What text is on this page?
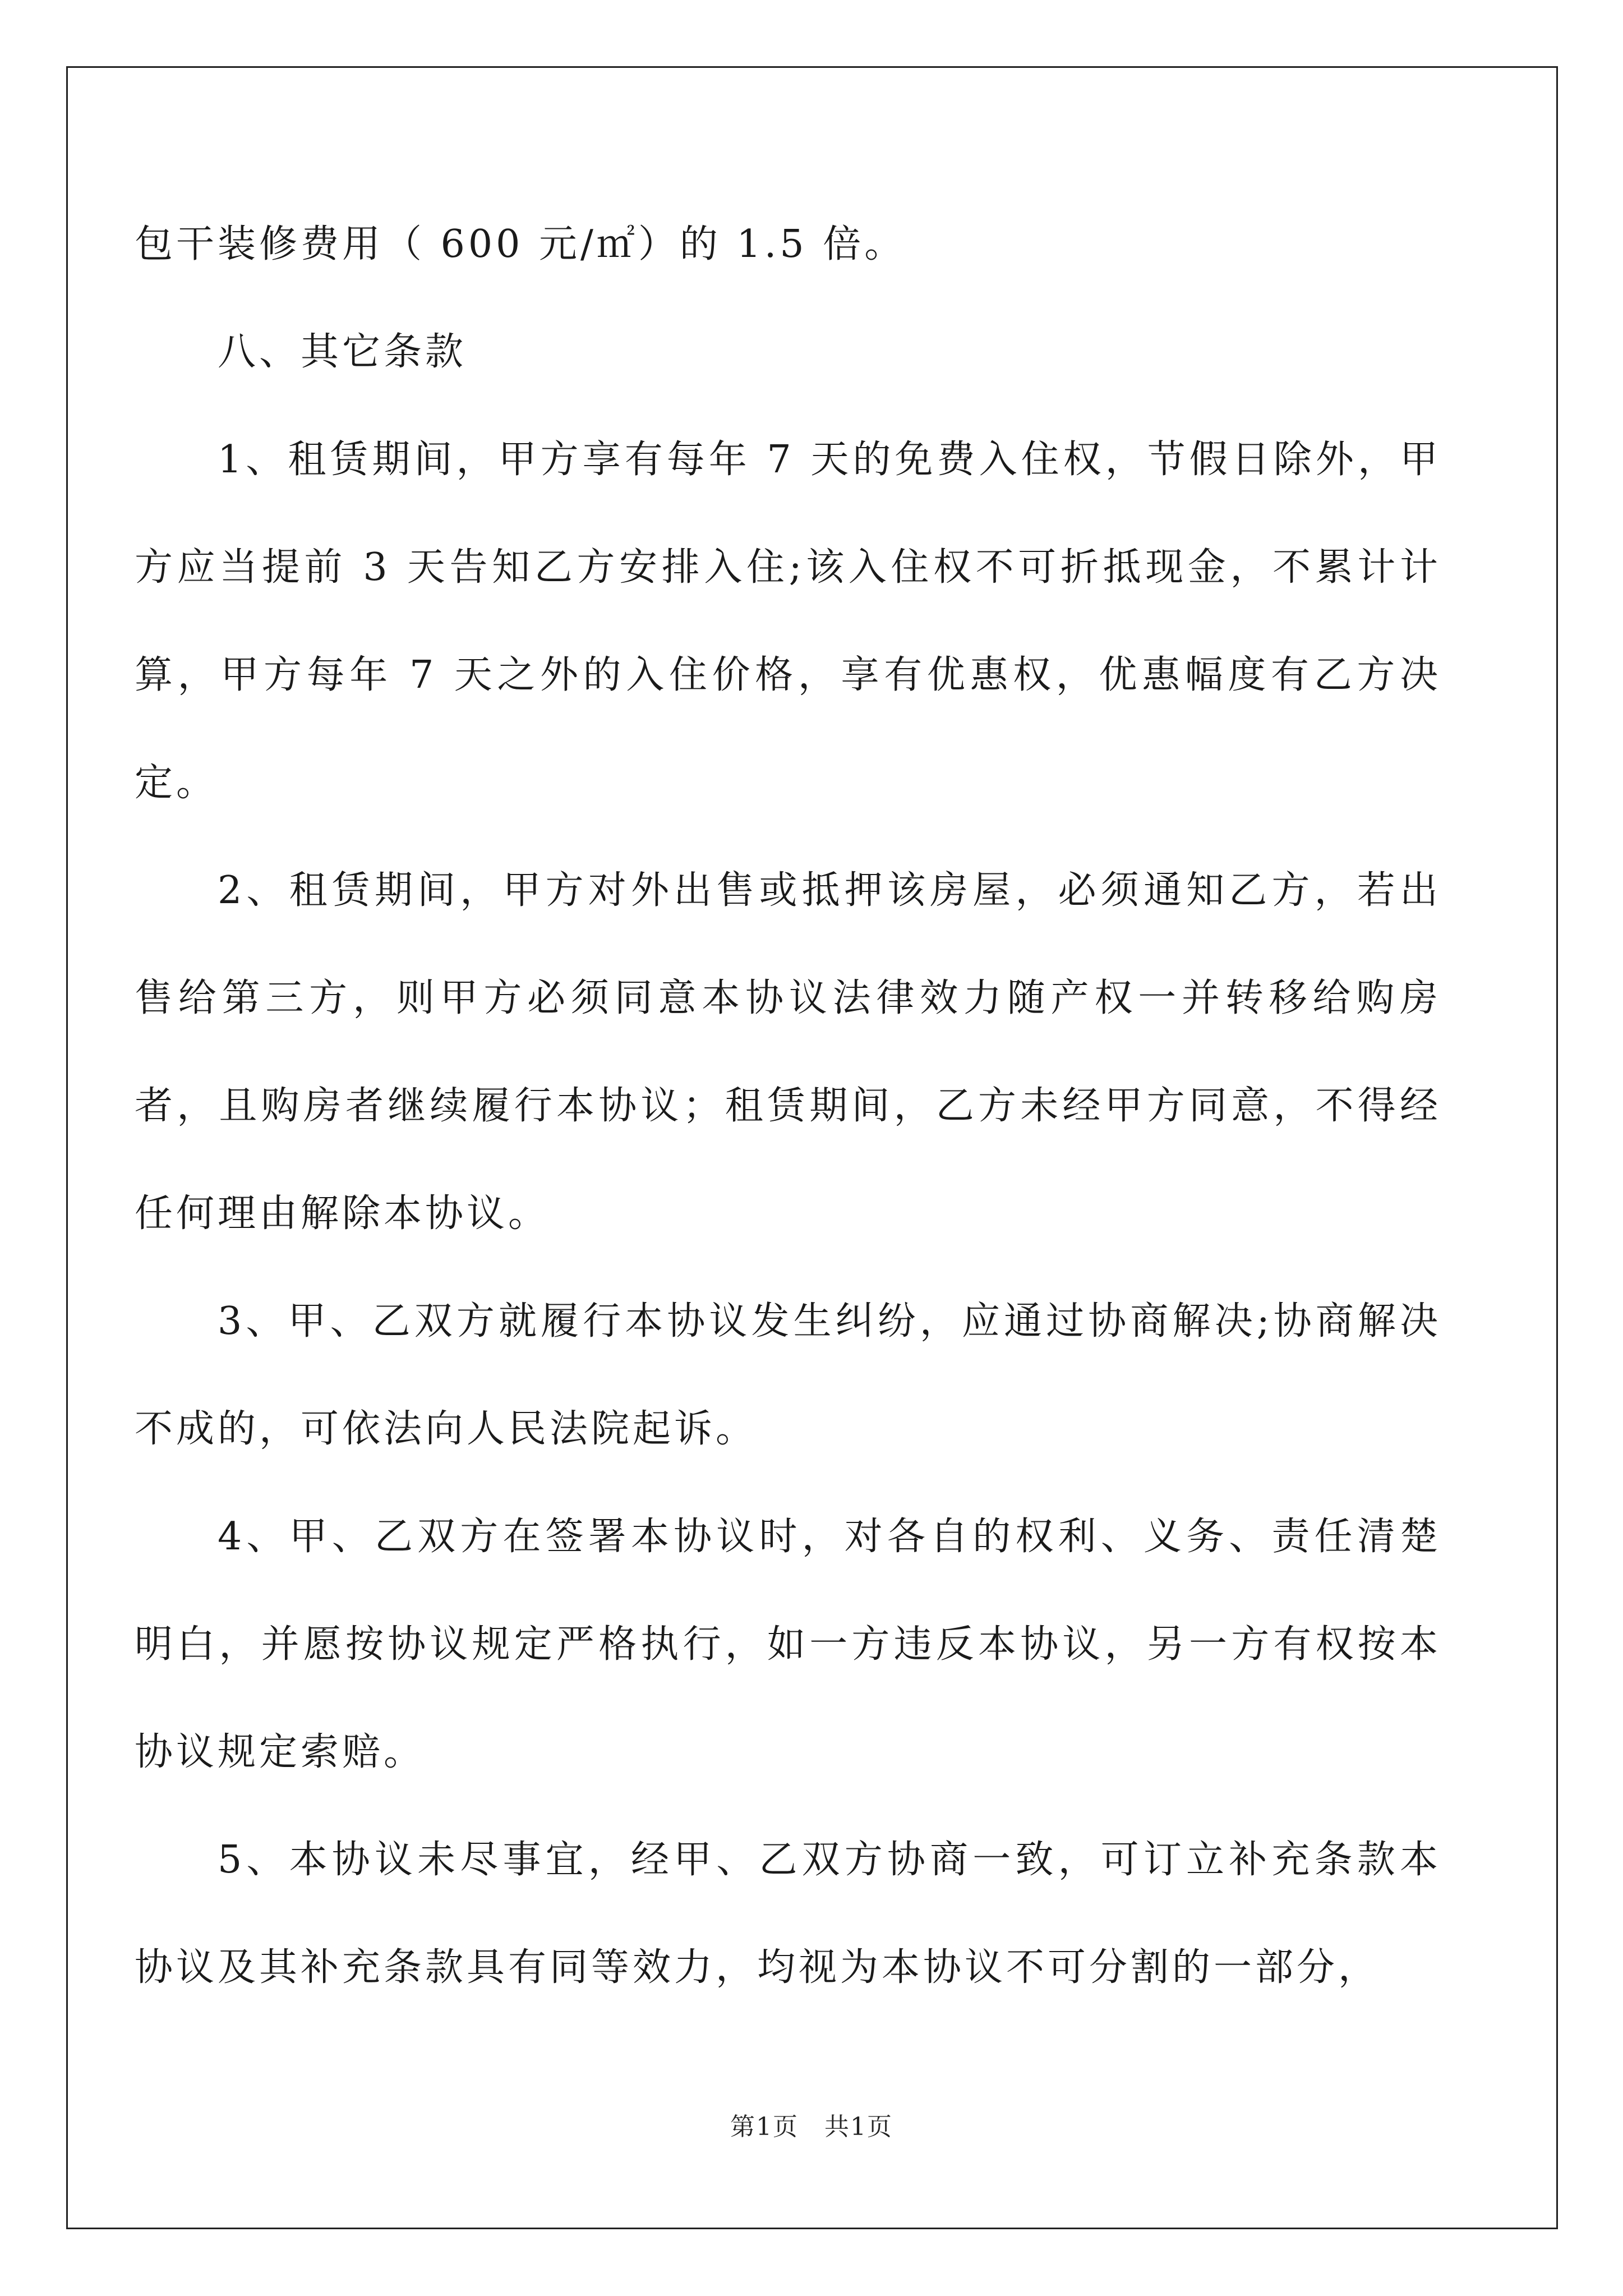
包干装修费用（ 600 元/㎡）的 1.5 倍。

八、其它条款

1、租赁期间，甲方享有每年 7 天的免费入住权，节假日除外，甲方应当提前 3 天告知乙方安排入住;该入住权不可折抵现金，不累计计算，甲方每年 7 天之外的入住价格，享有优惠权，优惠幅度有乙方决定。

2、租赁期间，甲方对外出售或抵押该房屋，必须通知乙方，若出售给第三方，则甲方必须同意本协议法律效力随产权一并转移给购房者，且购房者继续履行本协议；租赁期间，乙方未经甲方同意，不得经任何理由解除本协议。

3、甲、乙双方就履行本协议发生纠纷，应通过协商解决;协商解决不成的，可依法向人民法院起诉。

4、甲、乙双方在签署本协议时，对各自的权利、义务、责任清楚明白，并愿按协议规定严格执行，如一方违反本协议，另一方有权按本协议规定索赔。

5、本协议未尽事宜，经甲、乙双方协商一致，可订立补充条款本协议及其补充条款具有同等效力，均视为本协议不可分割的一部分，

第1页 共1页
